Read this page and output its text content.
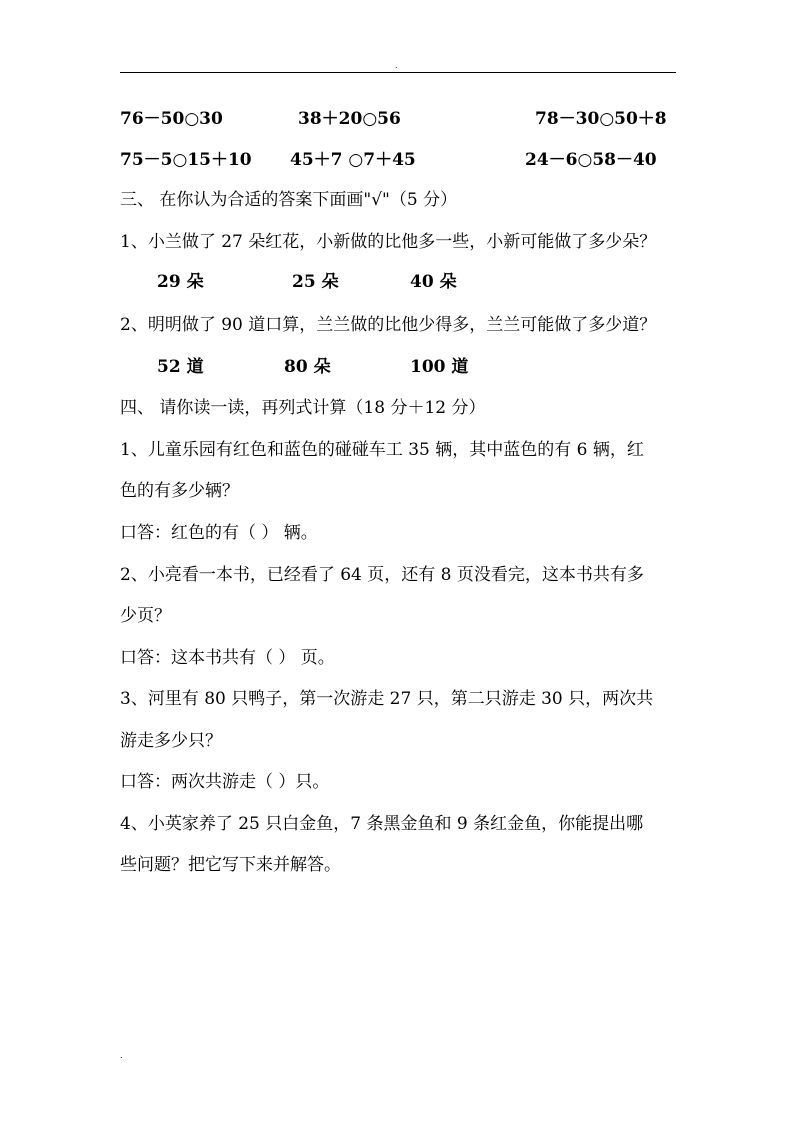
.
76－50○30	38＋20○56	78－30○50＋8
75－5○15＋10 45＋7 ○7＋45	24－6○58－40
三、 在你认为合适的答案下面画"√"（5 分）
1、小兰做了 27 朵红花，小新做的比他多一些，小新可能做了多少朵？
29 朵	25 朵	40 朵
2、明明做了 90 道口算，兰兰做的比他少得多，兰兰可能做了多少道？
52 道	80 朵	100 道
四、 请你读一读，再列式计算（18 分＋12 分）
1、儿童乐园有红色和蓝色的碰碰车工 35 辆，其中蓝色的有 6 辆，红
色的有多少辆？
口答：红色的有（ ） 辆。
2、小亮看一本书，已经看了 64 页，还有 8 页没看完，这本书共有多
少页？
口答：这本书共有（ ） 页。
3、河里有 80 只鸭子，第一次游走 27 只，第二只游走 30 只，两次共
游走多少只？
口答：两次共游走（ ）只。
4、小英家养了 25 只白金鱼，7 条黑金鱼和 9 条红金鱼，你能提出哪
些问题？把它写下来并解答。
.
